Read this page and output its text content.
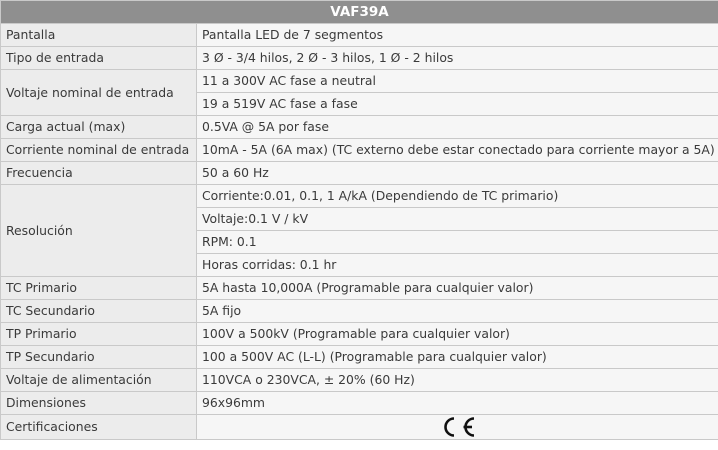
VAF39A	
Pantalla	Pantalla LED de 7 segmentos
Tipo de entrada	3 Ø - 3/4 hilos, 2 Ø - 3 hilos, 1 Ø - 2 hilos
Voltaje nominal de entrada	11 a 300V AC fase a neutral
	19 a 519V AC fase a fase
Carga actual (max)	0.5VA @ 5A por fase
Corriente nominal de entrada	10mA - 5A (6A max) (TC externo debe estar conectado para corriente mayor a 5A)
Frecuencia	50 a 60 Hz
Resolución	Corriente:0.01, 0.1, 1 A/kA (Dependiendo de TC primario)
	Voltaje:0.1 V / kV
	RPM: 0.1
	Horas corridas: 0.1 hr
TC Primario	5A hasta 10,000A (Programable para cualquier valor)
TC Secundario	5A fijo
TP Primario	100V a 500kV (Programable para cualquier valor)
TP Secundario	100 a 500V AC (L-L) (Programable para cualquier valor)
Voltaje de alimentación	110VCA o 230VCA, ± 20% (60 Hz)
Dimensiones	96x96mm
Certificaciones	
